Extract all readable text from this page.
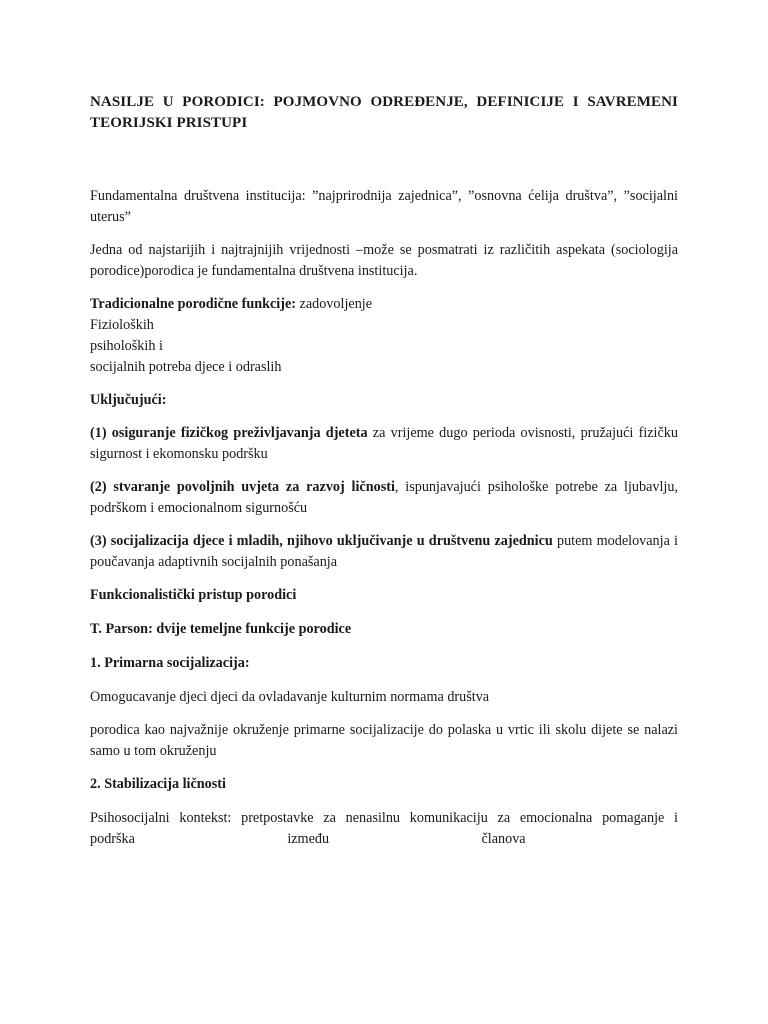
NASILJE U PORODICI: POJMOVNO ODREĐENJE, DEFINICIJE I SAVREMENI TEORIJSKI PRISTUPI

Fundamentalna društvena institucija: ”najprirodnija zajednica”, ”osnovna ćelija društva”, ”socijalni uterus”

Jedna od najstarijih i najtrajnijih vrijednosti –može se posmatrati iz različitih aspekata (sociologija porodice)porodica je fundamentalna društvena institucija.

Tradicionalne porodične funkcije: zadovoljenje
Fizioloških
psiholoških i
socijalnih potreba djece i odraslih

Uključujući:

(1) osiguranje fizičkog preživljavanja djeteta za vrijeme dugo perioda ovisnosti, pružajući fizičku sigurnost i ekomonsku podršku

(2) stvaranje povoljnih uvjeta za razvoj ličnosti, ispunjavajući psihološke potrebe za ljubavlju, podrškom i emocionalnom sigurnošću

(3) socijalizacija djece i mladih, njihovo uključivanje u društvenu zajednicu putem modelovanja i poučavanja adaptivnih socijalnih ponašanja

Funkcionalistički pristup porodici

T. Parson: dvije temeljne funkcije porodice

1. Primarna socijalizacija:

Omogucavanje djeci djeci da ovladavanje kulturnim normama društva

porodica kao najvažnije okruženje primarne socijalizacije do polaska u vrtic ili skolu dijete se nalazi samo u tom okruženju

2. Stabilizacija ličnosti

Psihosocijalni kontekst: pretpostavke za nenasilnu komunikaciju za emocionalna pomaganje i
podrška	između	članova
